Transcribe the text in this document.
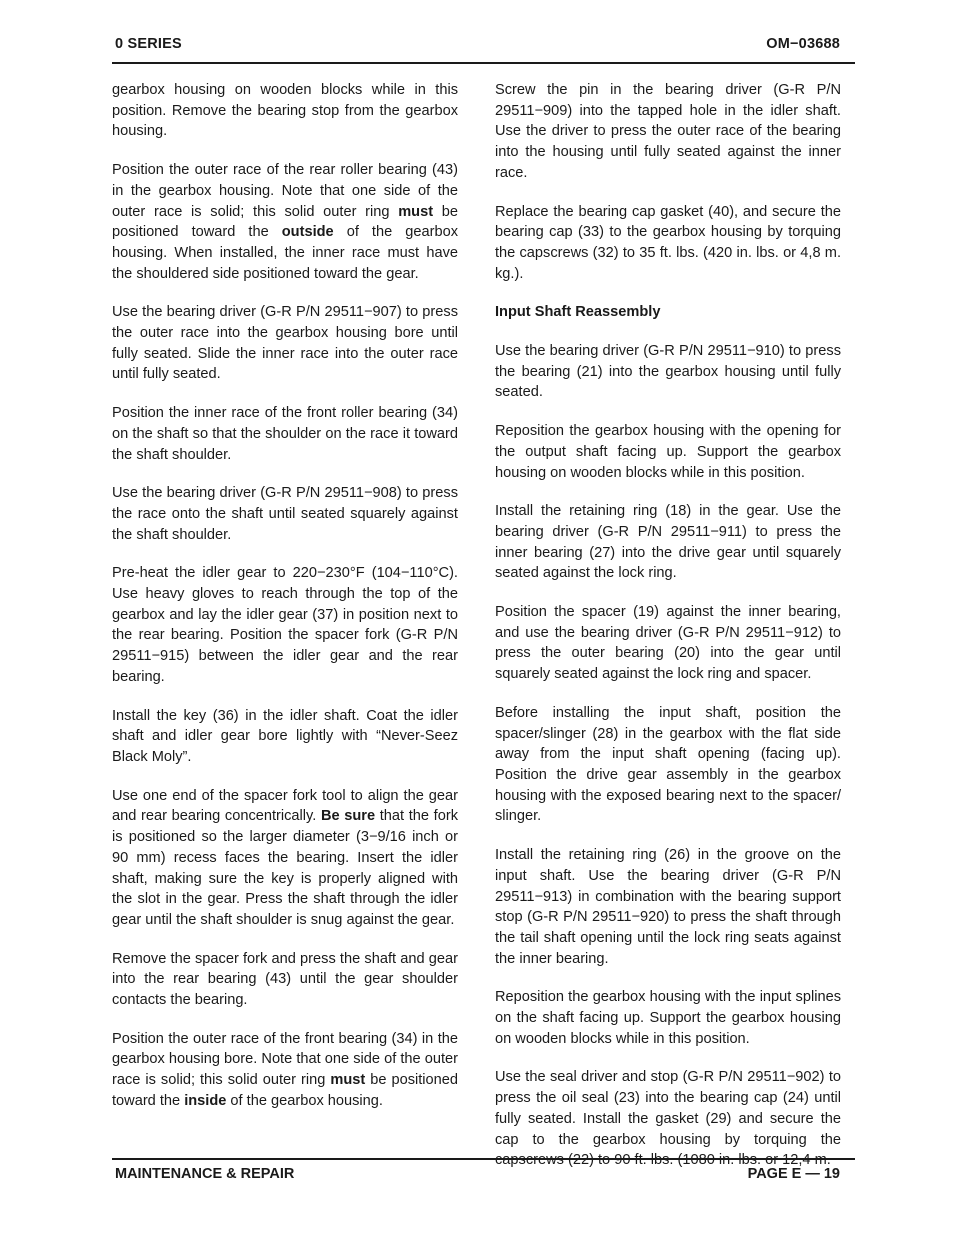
0 SERIES	OM−03688

gearbox housing on wooden blocks while in this position. Remove the bearing stop from the gearbox housing.

Position the outer race of the rear roller bearing (43) in the gearbox housing. Note that one side of the outer race is solid; this solid outer ring must be positioned toward the outside of the gearbox housing. When installed, the inner race must have the shouldered side positioned toward the gear.

Use the bearing driver (G-R P/N 29511−907) to press the outer race into the gearbox housing bore until fully seated. Slide the inner race into the outer race until fully seated.

Position the inner race of the front roller bearing (34) on the shaft so that the shoulder on the race it toward the shaft shoulder.

Use the bearing driver (G-R P/N 29511−908) to press the race onto the shaft until seated squarely against the shaft shoulder.

Pre-heat the idler gear to 220−230°F (104−110°C). Use heavy gloves to reach through the top of the gearbox and lay the idler gear (37) in position next to the rear bearing. Position the spacer fork (G-R P/N 29511−915) between the idler gear and the rear bearing.

Install the key (36) in the idler shaft. Coat the idler shaft and idler gear bore lightly with “Never-Seez Black Moly”.

Use one end of the spacer fork tool to align the gear and rear bearing concentrically. Be sure that the fork is positioned so the larger diameter (3−9/16 inch or 90 mm) recess faces the bearing. Insert the idler shaft, making sure the key is properly aligned with the slot in the gear. Press the shaft through the idler gear until the shaft shoulder is snug against the gear.

Remove the spacer fork and press the shaft and gear into the rear bearing (43) until the gear shoulder contacts the bearing.

Position the outer race of the front bearing (34) in the gearbox housing bore. Note that one side of the outer race is solid; this solid outer ring must be positioned toward the inside of the gearbox housing.

Screw the pin in the bearing driver (G-R P/N 29511−909) into the tapped hole in the idler shaft. Use the driver to press the outer race of the bearing into the housing until fully seated against the inner race.

Replace the bearing cap gasket (40), and secure the bearing cap (33) to the gearbox housing by torquing the capscrews (32) to 35 ft. lbs. (420 in. lbs. or 4,8 m. kg.).

Input Shaft Reassembly

Use the bearing driver (G-R P/N 29511−910) to press the bearing (21) into the gearbox housing until fully seated.

Reposition the gearbox housing with the opening for the output shaft facing up. Support the gearbox housing on wooden blocks while in this position.

Install the retaining ring (18) in the gear. Use the bearing driver (G-R P/N 29511−911) to press the inner bearing (27) into the drive gear until squarely seated against the lock ring.

Position the spacer (19) against the inner bearing, and use the bearing driver (G-R P/N 29511−912) to press the outer bearing (20) into the gear until squarely seated against the lock ring and spacer.

Before installing the input shaft, position the spacer/slinger (28) in the gearbox with the flat side away from the input shaft opening (facing up). Position the drive gear assembly in the gearbox housing with the exposed bearing next to the spacer/ slinger.

Install the retaining ring (26) in the groove on the input shaft. Use the bearing driver (G-R P/N 29511−913) in combination with the bearing support stop (G-R P/N 29511−920) to press the shaft through the tail shaft opening until the lock ring seats against the inner bearing.

Reposition the gearbox housing with the input splines on the shaft facing up. Support the gearbox housing on wooden blocks while in this position.

Use the seal driver and stop (G-R P/N 29511−902) to press the oil seal (23) into the bearing cap (24) until fully seated. Install the gasket (29) and secure the cap to the gearbox housing by torquing the capscrews (22) to 90 ft. lbs. (1080 in. lbs. or 12,4 m.

MAINTENANCE & REPAIR	PAGE E — 19
